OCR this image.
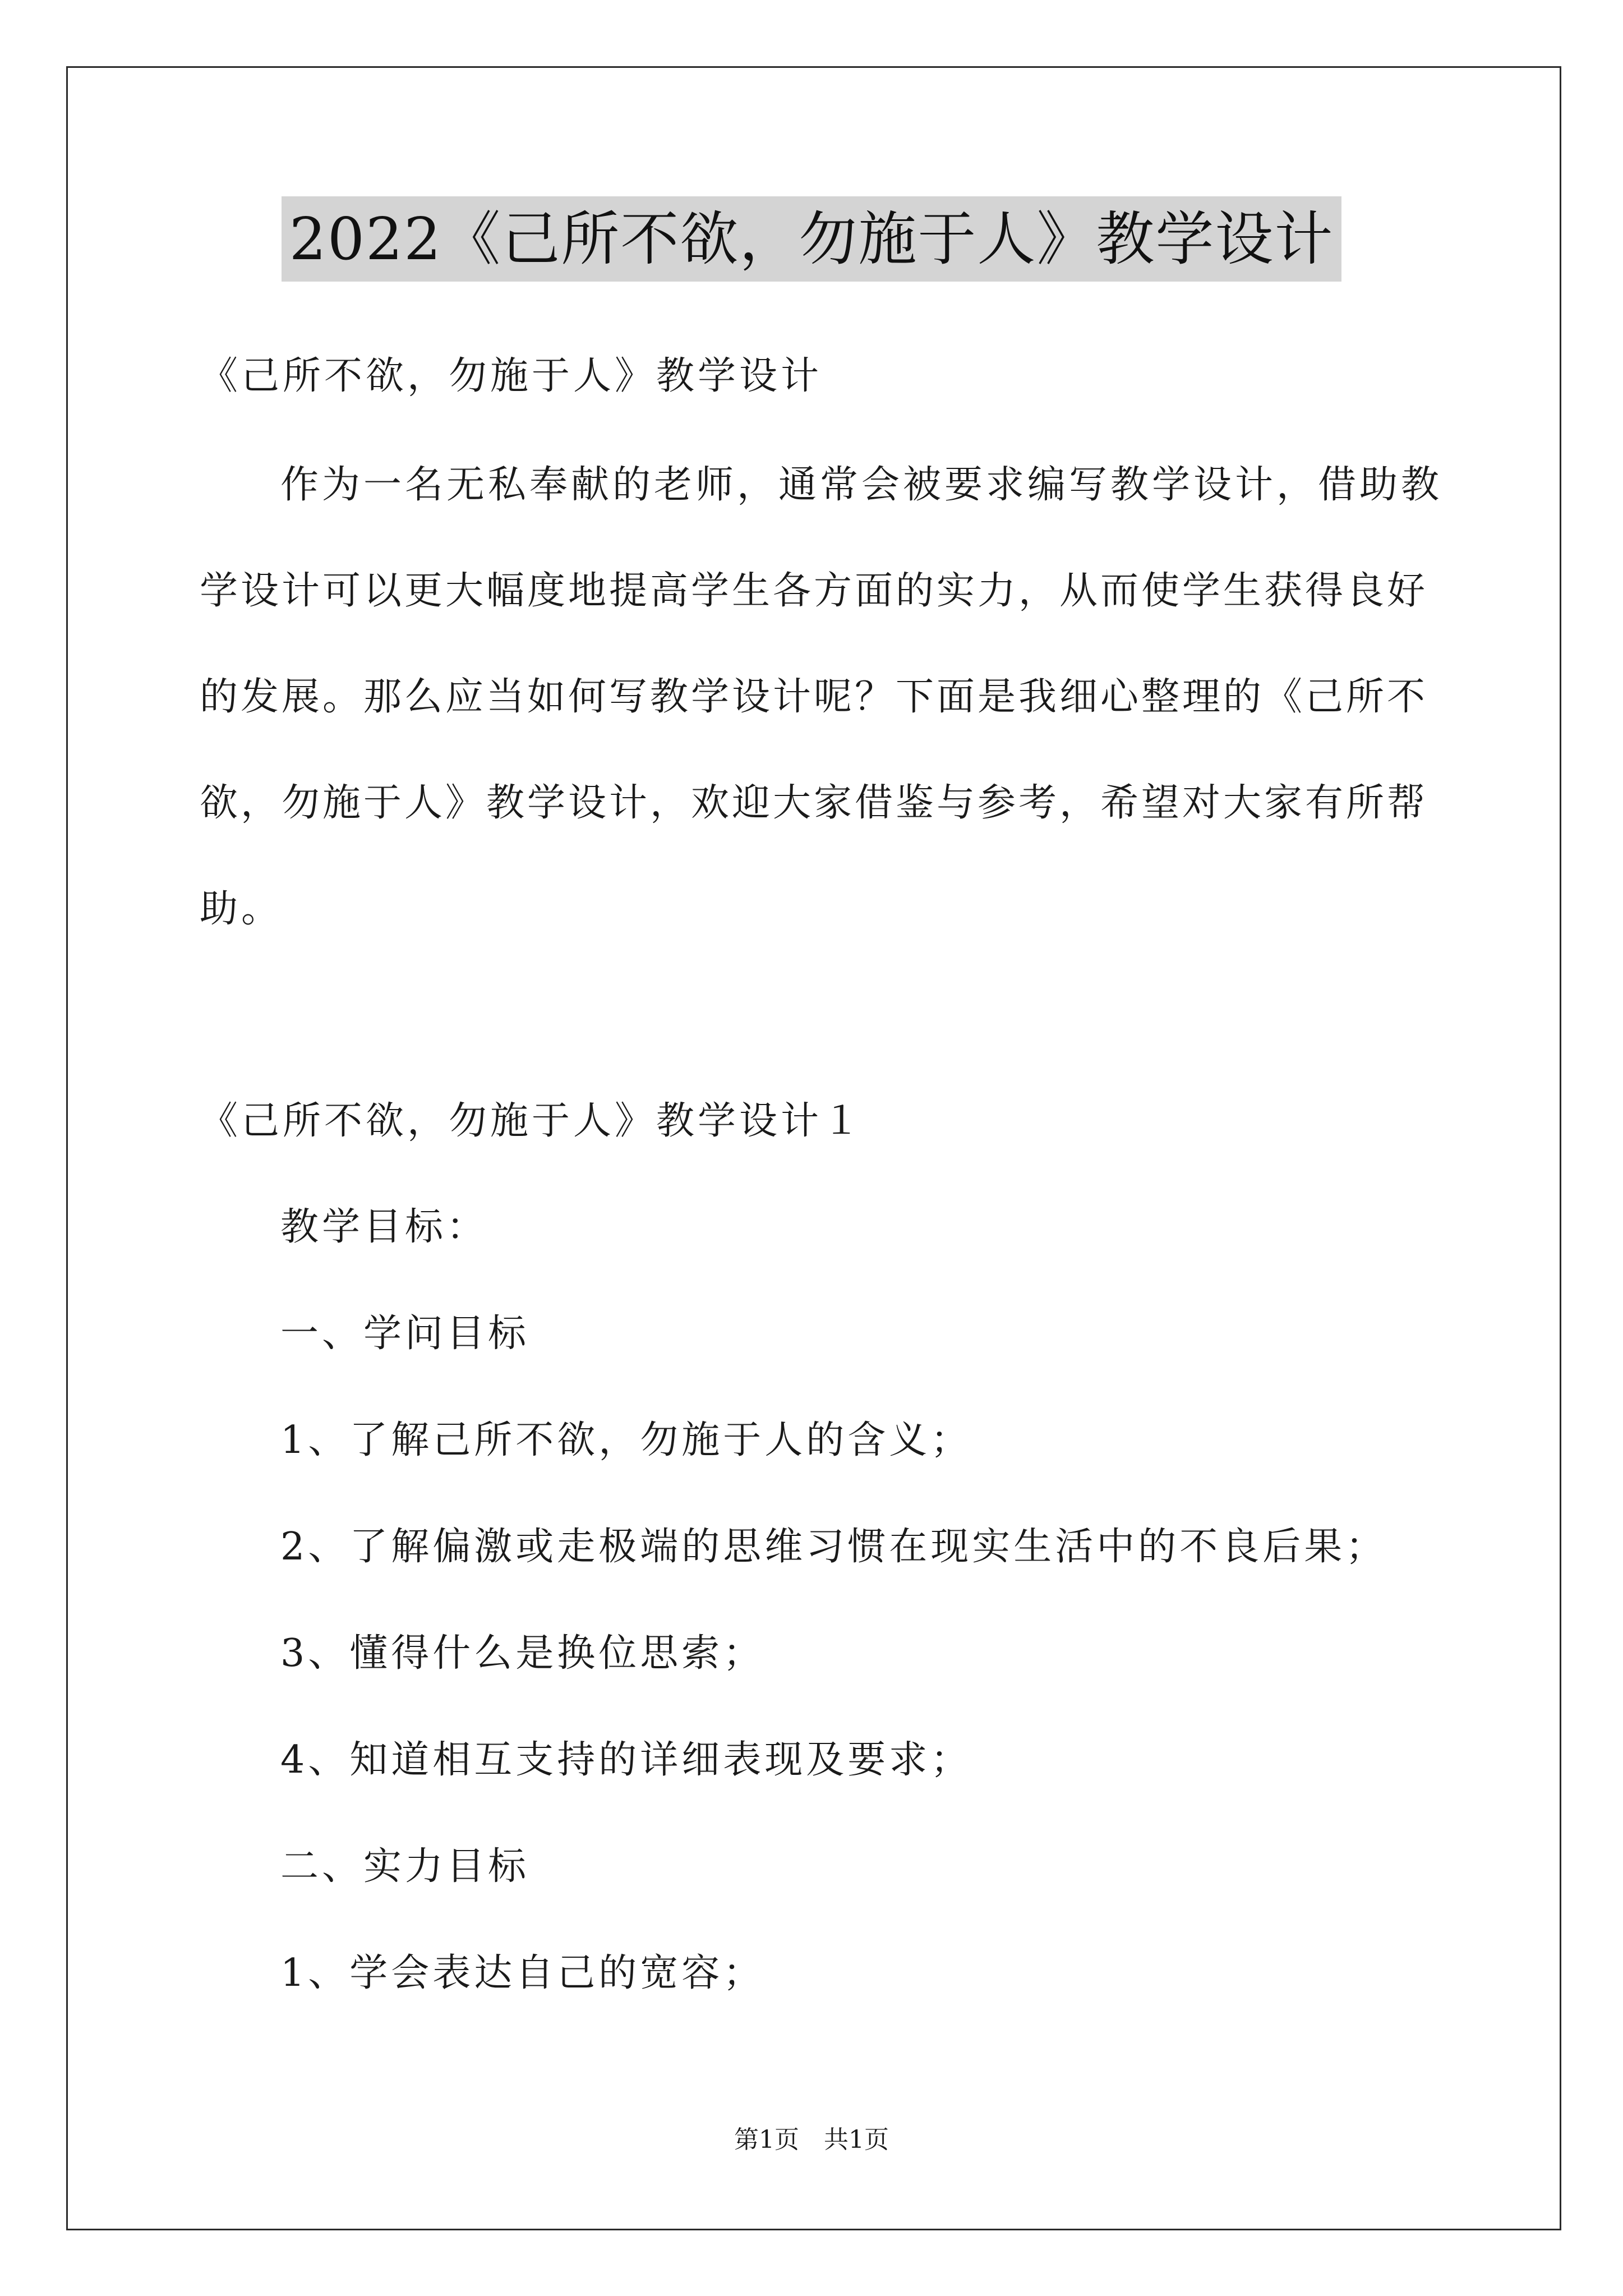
2022《己所不欲，勿施于人》教学设计
《己所不欲，勿施于人》教学设计
作为一名无私奉献的老师，通常会被要求编写教学设计，借助教
学设计可以更大幅度地提高学生各方面的实力，从而使学生获得良好
的发展。那么应当如何写教学设计呢？下面是我细心整理的《己所不
欲，勿施于人》教学设计，欢迎大家借鉴与参考，希望对大家有所帮
助。
《己所不欲，勿施于人》教学设计１
教学目标：
一、学问目标
1、了解己所不欲，勿施于人的含义；
2、了解偏激或走极端的思维习惯在现实生活中的不良后果；
3、懂得什么是换位思索；
4、知道相互支持的详细表现及要求；
二、实力目标
1、学会表达自己的宽容；
第1页　共1页
